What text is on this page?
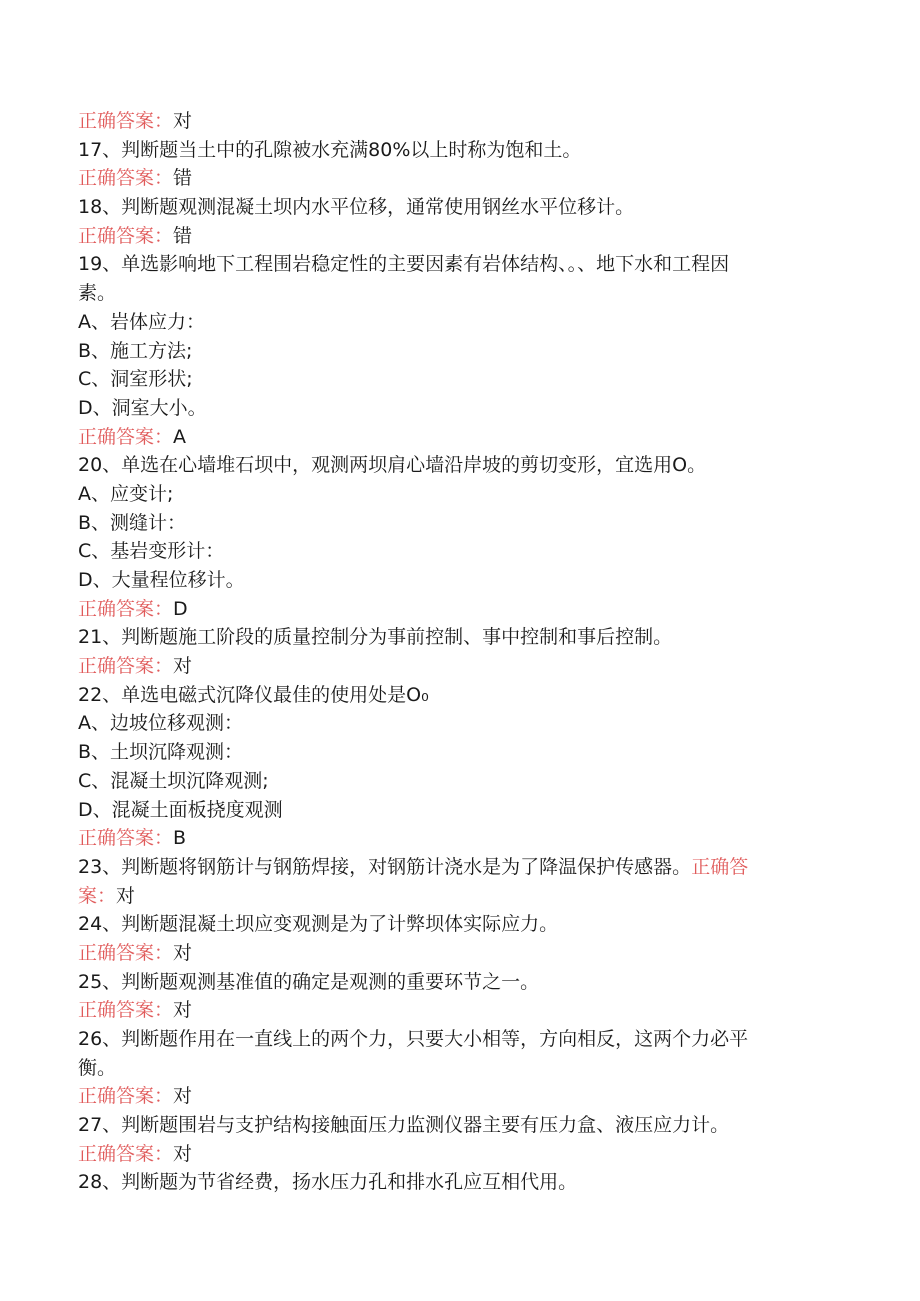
正确答案：对
17、判断题当土中的孔隙被水充满80%以上时称为饱和土。
正确答案：错
18、判断题观测混凝土坝内水平位移，通常使用钢丝水平位移计。
正确答案：错
19、单选影响地下工程围岩稳定性的主要因素有岩体结构、。、地下水和工程因
素。
A、岩体应力：
B、施工方法;
C、洞室形状;
D、洞室大小。
正确答案：A
20、单选在心墙堆石坝中，观测两坝肩心墙沿岸坡的剪切变形，宜选用O。
A、应变计;
B、测缝计：
C、基岩变形计：
D、大量程位移计。
正确答案：D
21、判断题施工阶段的质量控制分为事前控制、事中控制和事后控制。
正确答案：对
22、单选电磁式沉降仪最佳的使用处是O₀
A、边坡位移观测：
B、土坝沉降观测：
C、混凝土坝沉降观测;
D、混凝土面板挠度观测
正确答案：B
23、判断题将钢筋计与钢筋焊接，对钢筋计浇水是为了降温保护传感器。正确答
案：对
24、判断题混凝土坝应变观测是为了计弊坝体实际应力。
正确答案：对
25、判断题观测基准值的确定是观测的重要环节之一。
正确答案：对
26、判断题作用在一直线上的两个力，只要大小相等，方向相反，这两个力必平
衡。
正确答案：对
27、判断题围岩与支护结构接触面压力监测仪器主要有压力盒、液压应力计。
正确答案：对
28、判断题为节省经费，扬水压力孔和排水孔应互相代用。
